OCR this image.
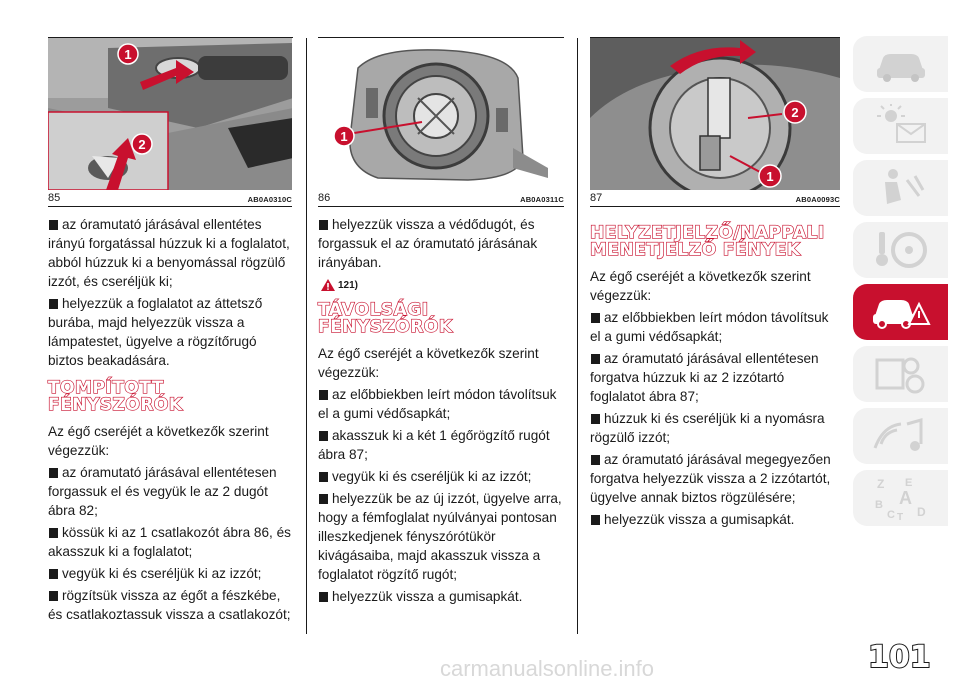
1
2
85	AB0A0310C

az óramutató járásával ellentétes irányú forgatással húzzuk ki a foglalatot, abból húzzuk ki a benyomással rögzülő izzót, és cseréljük ki;

helyezzük a foglalatot az áttetsző burába, majd helyezzük vissza a lámpatestet, ügyelve a rögzítőrugó biztos beakadására.

TOMPÍTOTT FÉNYSZÓRÓK

Az égő cseréjét a következők szerint végezzük:

az óramutató járásával ellentétesen forgassuk el és vegyük le az 2 dugót ábra 82;

kössük ki az 1 csatlakozót ábra 86, és akasszuk ki a foglalatot;

vegyük ki és cseréljük ki az izzót;

rögzítsük vissza az égőt a fészkébe, és csatlakoztassuk vissza a csatlakozót;

1
86	AB0A0311C

helyezzük vissza a védődugót, és forgassuk el az óramutató járásának irányában.

121)
TÁVOLSÁGI FÉNYSZÓRÓK

Az égő cseréjét a következők szerint végezzük:

az előbbiekben leírt módon távolítsuk el a gumi védősapkát;

akasszuk ki a két 1 égőrögzítő rugót ábra 87;

vegyük ki és cseréljük ki az izzót;

helyezzük be az új izzót, ügyelve arra, hogy a fémfoglalat nyúlványai pontosan illeszkedjenek fényszórótükör kivágásaiba, majd akasszuk vissza a foglalatot rögzítő rugót;

helyezzük vissza a gumisapkát.

2
1
87	AB0A0093C
HELYZETJELZŐ/NAPPALI MENETJELZŐ FÉNYEK

Az égő cseréjét a következők szerint végezzük:

az előbbiekben leírt módon távolítsuk el a gumi védősapkát;

az óramutató járásával ellentétesen forgatva húzzuk ki az 2 izzótartó foglalatot ábra 87;

húzzuk ki és cseréljük ki a nyomásra rögzülő izzót;

az óramutató járásával megegyezően forgatva helyezzük vissza a 2 izzótartót, ügyelve annak biztos rögzülésére;

helyezzük vissza a gumisapkát.

Z E
A
B
C T D
carmanualsonline.info	101
